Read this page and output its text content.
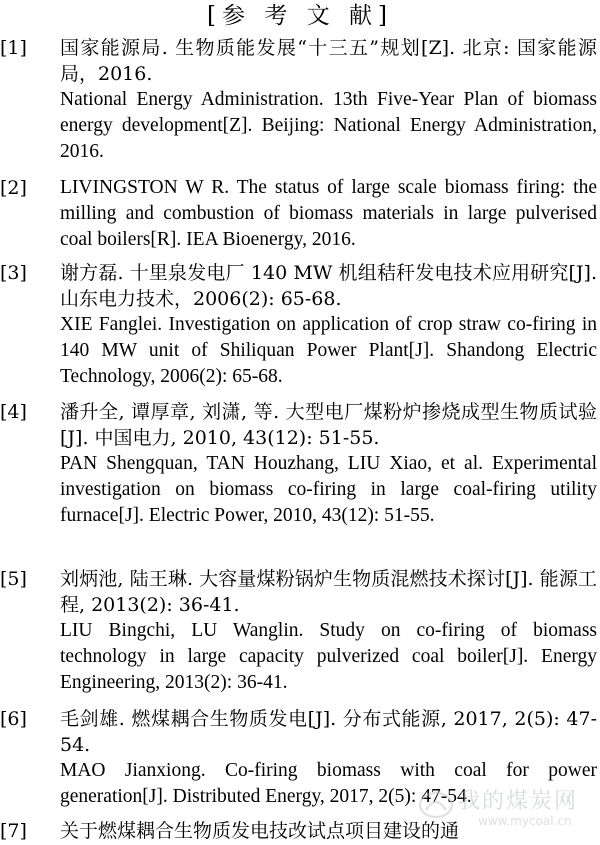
[参 考 文 献]
[1] 国家能源局. 生物质能发展“十三五”规划[Z]. 北京: 国家能源局，2016.
National Energy Administration. 13th Five-Year Plan of biomass energy development[Z]. Beijing: National Energy Administration, 2016.
[2] LIVINGSTON W R. The status of large scale biomass firing: the milling and combustion of biomass materials in large pulverised coal boilers[R]. IEA Bioenergy, 2016.
[3] 谢方磊. 十里泉发电厂 140 MW 机组秸秆发电技术应用研究[J]. 山东电力技术，2006(2): 65-68.
XIE Fanglei. Investigation on application of crop straw co-firing in 140 MW unit of Shiliquan Power Plant[J]. Shandong Electric Technology, 2006(2): 65-68.
[4] 潘升全, 谭厚章, 刘潇, 等. 大型电厂煤粉炉掺烧成型生物质试验[J]. 中国电力, 2010, 43(12): 51-55.
PAN Shengquan, TAN Houzhang, LIU Xiao, et al. Experimental investigation on biomass co-firing in large coal-firing utility furnace[J]. Electric Power, 2010, 43(12): 51-55.
[5] 刘炳池, 陆王琳. 大容量煤粉锅炉生物质混燃技术探讨[J]. 能源工程, 2013(2): 36-41.
LIU Bingchi, LU Wanglin. Study on co-firing of biomass technology in large capacity pulverized coal boiler[J]. Energy Engineering, 2013(2): 36-41.
[6] 毛剑雄. 燃煤耦合生物质发电[J]. 分布式能源, 2017, 2(5): 47-54.
MAO Jianxiong. Co-firing biomass with coal for power generation[J]. Distributed Energy, 2017, 2(5): 47-54.
[7] 关于燃煤耦合生物质发电技改试点项目建设的通
我的煤炭网
www.mycoal.cn
